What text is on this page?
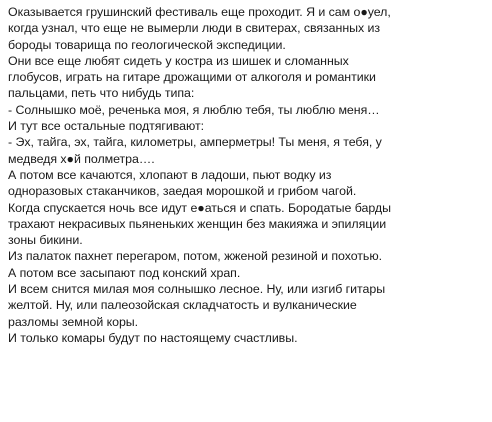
Оказывается грушинский фестиваль еще проходит. Я и сам о●уел,
когда узнал, что еще не вымерли люди в свитерах, связанных из
бороды товарища по геологической экспедиции.
Они все еще любят сидеть у костра из шишек и сломанных
глобусов, играть на гитаре дрожащими от алкоголя и романтики
пальцами, петь что нибудь типа:
- Солнышко моё, реченька моя, я люблю тебя, ты люблю меня…
И тут все остальные подтягивают:
- Эх, тайга, эх, тайга, километры, амперметры! Ты меня, я тебя, у
медведя х●й полметра….
А потом все качаются, хлопают в ладоши, пьют водку из
одноразовых стаканчиков, заедая морошкой и грибом чагой.
Когда спускается ночь все идут е●аться и спать. Бородатые барды
трахают некрасивых пьяненьких женщин без макияжа и эпиляции
зоны бикини.
Из палаток пахнет перегаром, потом, жженой резиной и похотью.
А потом все засыпают под конский храп.
И всем снится милая моя солнышко лесное. Ну, или изгиб гитары
желтой. Ну, или палеозойская складчатость и вулканические
разломы земной коры.
И только комары будут по настоящему счастливы.
